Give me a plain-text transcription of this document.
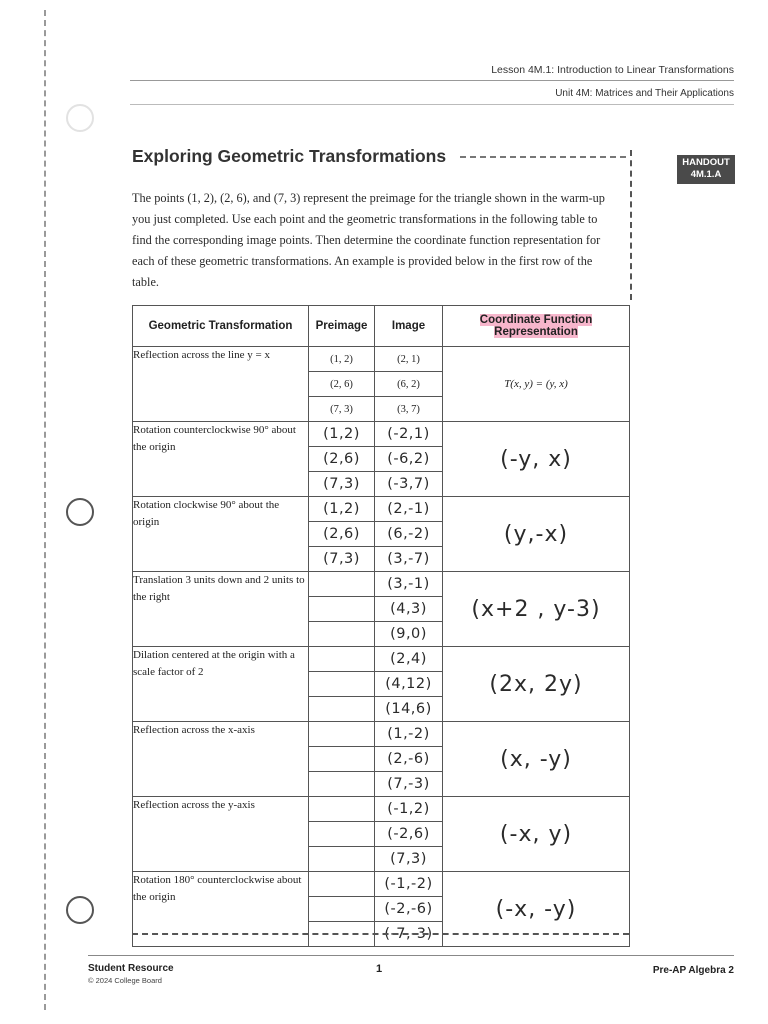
Lesson 4M.1: Introduction to Linear Transformations
Unit 4M: Matrices and Their Applications
HANDOUT
4M.1.A
Exploring Geometric Transformations
The points (1, 2), (2, 6), and (7, 3) represent the preimage for the triangle shown in the warm-up you just completed. Use each point and the geometric transformations in the following table to find the corresponding image points. Then determine the coordinate function representation for each of these geometric transformations. An example is provided below in the first row of the table.
Geometric Transformation	Preimage	Image	Coordinate Function
Representation
Reflection across the line y = x	(1, 2)	(2, 1)	T(x, y) = (y, x)
	(2, 6)	(6, 2)	
	(7, 3)	(3, 7)	
Rotation counterclockwise 90° about the origin	(1,2)	(-2,1)	(-y, x)
	(2,6)	(-6,2)	
	(7,3)	(-3,7)	
Rotation clockwise 90° about the origin	(1,2)	(2,-1)	(y,-x)
	(2,6)	(6,-2)	
	(7,3)	(3,-7)	
Translation 3 units down and 2 units to the right		(3,-1)	(x+2 , y-3)
		(4,3)	
		(9,0)	
Dilation centered at the origin with a scale factor of 2		(2,4)	(2x, 2y)
		(4,12)	
		(14,6)	
Reflection across the x-axis		(1,-2)	(x, -y)
		(2,-6)	
		(7,-3)	
Reflection across the y-axis		(-1,2)	(-x, y)
		(-2,6)	
		(7,3)	
Rotation 180° counterclockwise about the origin		(-1,-2)	(-x, -y)
		(-2,-6)	
		(-7,-3)	
Student Resource
© 2024 College Board
1	Pre-AP Algebra 2
